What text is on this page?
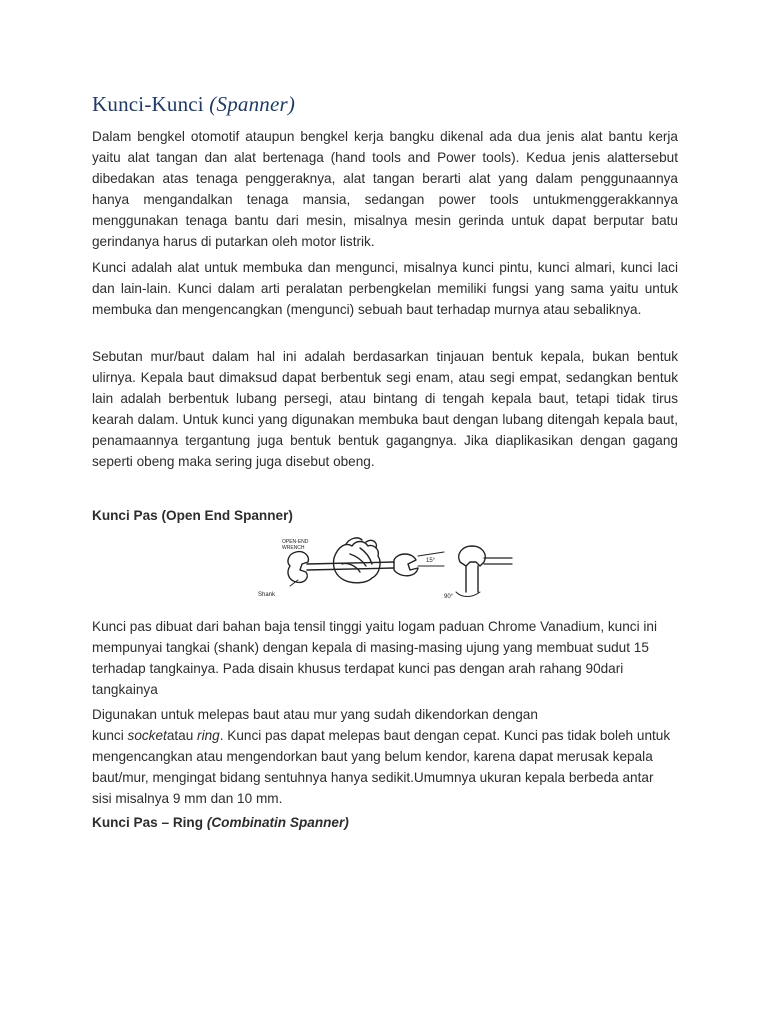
Kunci-Kunci (Spanner)

Dalam bengkel otomotif ataupun bengkel kerja bangku dikenal ada dua jenis alat bantu kerja yaitu alat tangan dan alat bertenaga (hand tools and Power tools). Kedua jenis alattersebut dibedakan atas tenaga penggeraknya, alat tangan berarti alat yang dalam penggunaannya hanya mengandalkan tenaga mansia, sedangan power tools untukmenggerakkannya menggunakan tenaga bantu dari mesin, misalnya mesin gerinda untuk dapat berputar batu gerindanya harus di putarkan oleh motor listrik.

Kunci adalah alat untuk membuka dan mengunci, misalnya kunci pintu, kunci almari, kunci laci dan lain-lain. Kunci dalam arti peralatan perbengkelan memiliki fungsi yang sama yaitu untuk membuka dan mengencangkan (mengunci) sebuah baut terhadap murnya atau sebaliknya.

Sebutan mur/baut dalam hal ini adalah berdasarkan tinjauan bentuk kepala, bukan bentuk ulirnya. Kepala baut dimaksud dapat berbentuk segi enam, atau segi empat, sedangkan bentuk lain adalah berbentuk lubang persegi, atau bintang di tengah kepala baut, tetapi tidak tirus kearah dalam. Untuk kunci yang digunakan membuka baut dengan lubang ditengah kepala baut, penamaannya tergantung juga bentuk bentuk gagangnya. Jika diaplikasikan dengan gagang seperti obeng maka sering juga disebut obeng.

Kunci Pas (Open End Spanner)

OPEN-END
WRENCH
Shank
15°
90°

Kunci pas dibuat dari bahan baja tensil tinggi yaitu logam paduan Chrome Vanadium, kunci ini
mempunyai tangkai (shank) dengan kepala di masing-masing ujung yang membuat sudut 15
terhadap tangkainya. Pada disain khusus terdapat kunci pas dengan arah rahang 90dari
tangkainya

Digunakan untuk melepas baut atau mur yang sudah dikendorkan dengan
kunci socketatau ring. Kunci pas dapat melepas baut dengan cepat. Kunci pas tidak boleh untuk
mengencangkan atau mengendorkan baut yang belum kendor, karena dapat merusak kepala
baut/mur, mengingat bidang sentuhnya hanya sedikit.Umumnya ukuran kepala berbeda antar
sisi misalnya 9 mm dan 10 mm.

Kunci Pas – Ring (Combinatin Spanner)
